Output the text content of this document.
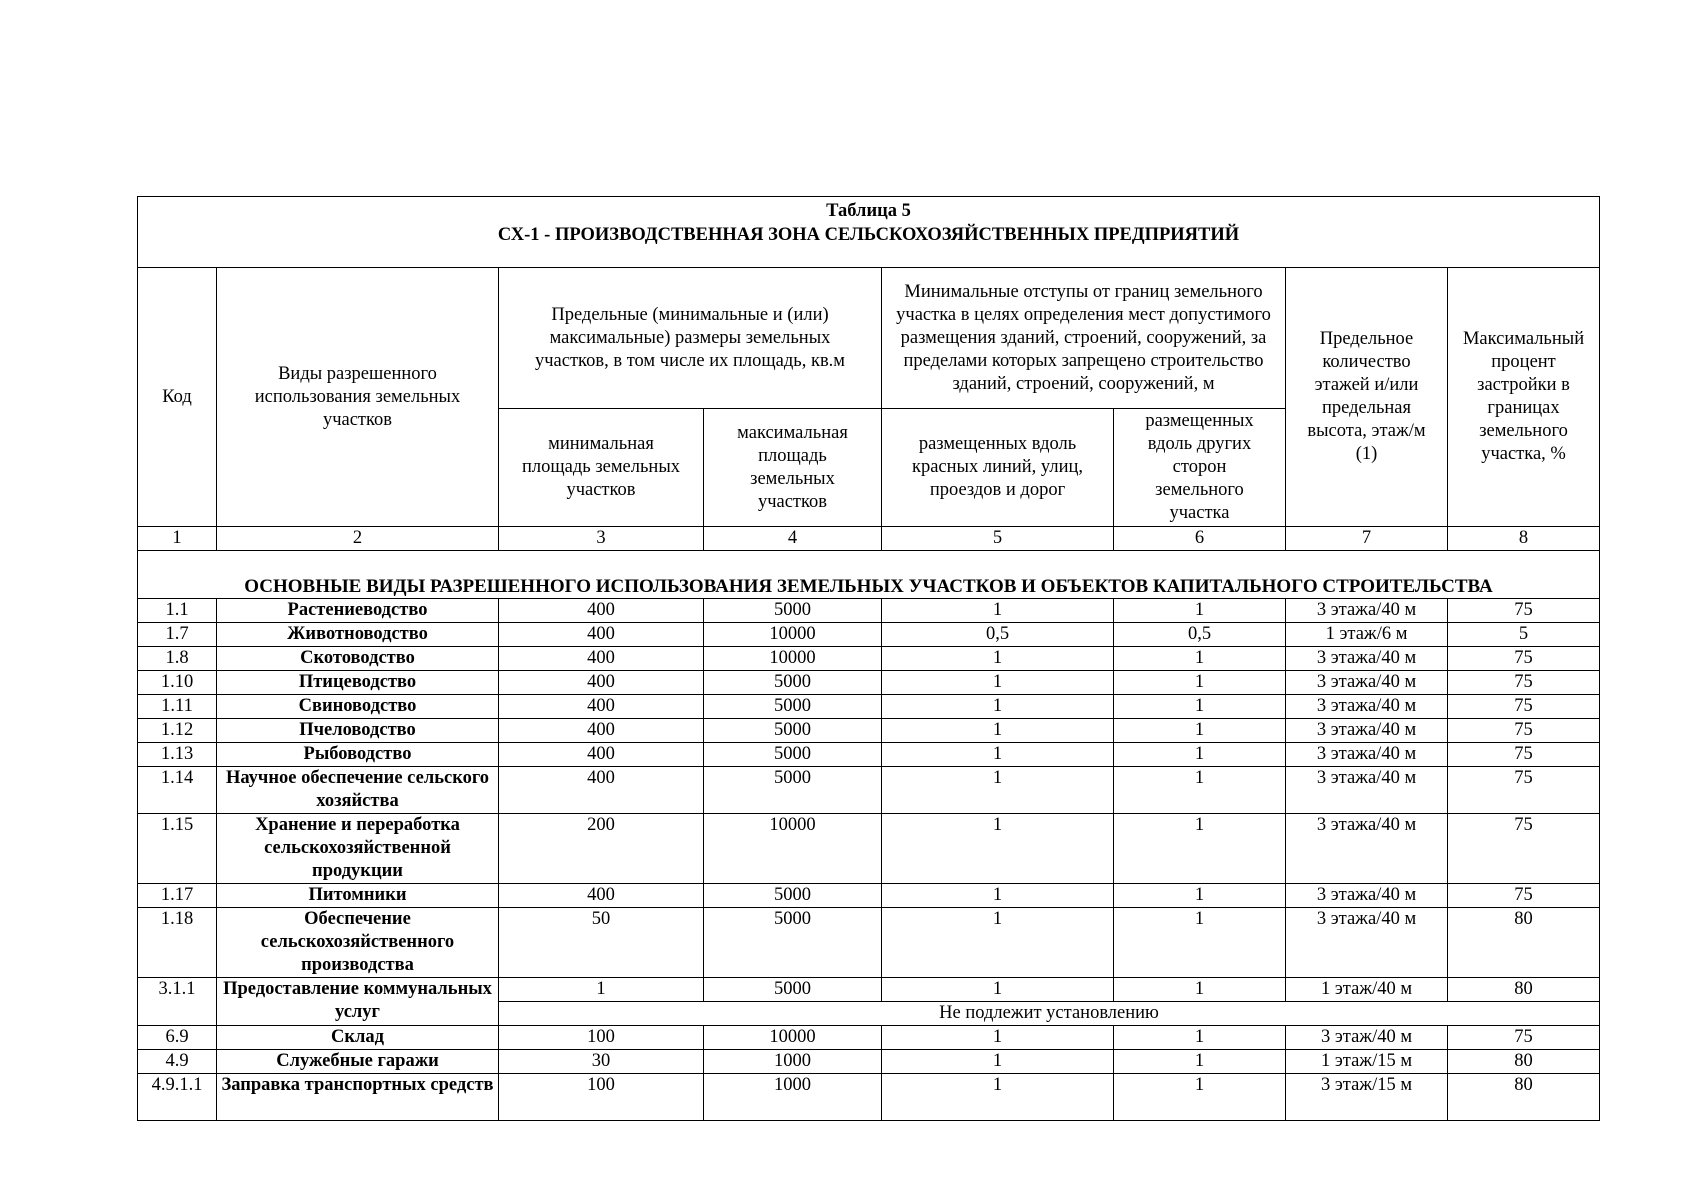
Таблица 5
СХ-1 - ПРОИЗВОДСТВЕННАЯ ЗОНА СЕЛЬСКОХОЗЯЙСТВЕННЫХ ПРЕДПРИЯТИЙ							

Код	Виды разрешенного использования земельных участков	Предельные (минимальные и (или) максимальные) размеры земельных участков, в том числе их площадь, кв.м		Минимальные отступы от границ земельного участка в целях определения мест допустимого размещения зданий, строений, сооружений, за пределами которых запрещено строительство зданий, строений, сооружений, м		Предельное количество этажей и/или предельная высота, этаж/м (1)	Максимальный процент застройки в границах земельного участка, %
		минимальная площадь земельных участков	максимальная площадь земельных участков	размещенных вдоль красных линий, улиц, проездов и дорог	размещенных вдоль других сторон земельного участка		
1	2	3	4	5	6	7	8
ОСНОВНЫЕ ВИДЫ РАЗРЕШЕННОГО ИСПОЛЬЗОВАНИЯ ЗЕМЕЛЬНЫХ УЧАСТКОВ И ОБЪЕКТОВ КАПИТАЛЬНОГО СТРОИТЕЛЬСТВА							
1.1	Растениеводство	400	5000	1	1	3 этажа/40 м	75
1.7	Животноводство	400	10000	0,5	0,5	1 этаж/6 м	5
1.8	Скотоводство	400	10000	1	1	3 этажа/40 м	75
1.10	Птицеводство	400	5000	1	1	3 этажа/40 м	75
1.11	Свиноводство	400	5000	1	1	3 этажа/40 м	75
1.12	Пчеловодство	400	5000	1	1	3 этажа/40 м	75
1.13	Рыбоводство	400	5000	1	1	3 этажа/40 м	75
1.14	Научное обеспечение сельского хозяйства	400	5000	1	1	3 этажа/40 м	75
1.15	Хранение и переработка сельскохозяйственной продукции	200	10000	1	1	3 этажа/40 м	75
1.17	Питомники	400	5000	1	1	3 этажа/40 м	75
1.18	Обеспечение сельскохозяйственного производства	50	5000	1	1	3 этажа/40 м	80
3.1.1	Предоставление коммунальных услуг	1	5000	1	1	1 этаж/40 м	80
		Не подлежит установлению					
6.9	Склад	100	10000	1	1	3 этаж/40 м	75
4.9	Служебные гаражи	30	1000	1	1	1 этаж/15 м	80
4.9.1.1	Заправка транспортных средств	100	1000	1	1	3 этаж/15 м	80
